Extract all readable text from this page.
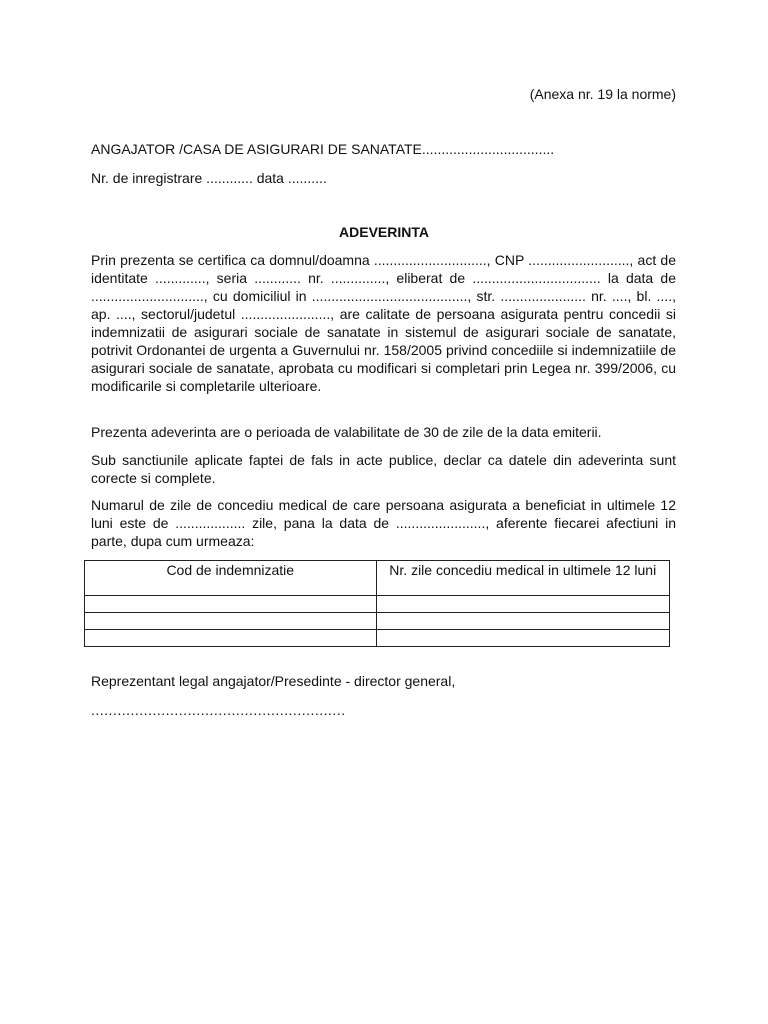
(Anexa nr. 19 la norme)
ANGAJATOR /CASA DE ASIGURARI DE SANATATE..................................
Nr. de inregistrare ............ data ..........
ADEVERINTA
Prin prezenta se certifica ca domnul/doamna ............................., CNP .........................., act de identitate ............., seria ............ nr. .............., eliberat de ................................. la data de ............................., cu domiciliul in ........................................, str. ...................... nr. ...., bl. ...., ap. ...., sectorul/judetul ......................., are calitate de persoana asigurata pentru concedii si indemnizatii de asigurari sociale de sanatate in sistemul de asigurari sociale de sanatate, potrivit Ordonantei de urgenta a Guvernului nr. 158/2005 privind concediile si indemnizatiile de asigurari sociale de sanatate, aprobata cu modificari si completari prin Legea nr. 399/2006, cu modificarile si completarile ulterioare.
Prezenta adeverinta are o perioada de valabilitate de 30 de zile de la data emiterii.
Sub sanctiunile aplicate faptei de fals in acte publice, declar ca datele din adeverinta sunt corecte si complete.
Numarul de zile de concediu medical de care persoana asigurata a beneficiat in ultimele 12 luni este de .................. zile, pana la data de ......................., aferente fiecarei afectiuni in parte, dupa cum urmeaza:
Cod de indemnizatie	Nr. zile concediu medical in ultimele 12 luni

Reprezentant legal angajator/Presedinte - director general,
..........................................................
